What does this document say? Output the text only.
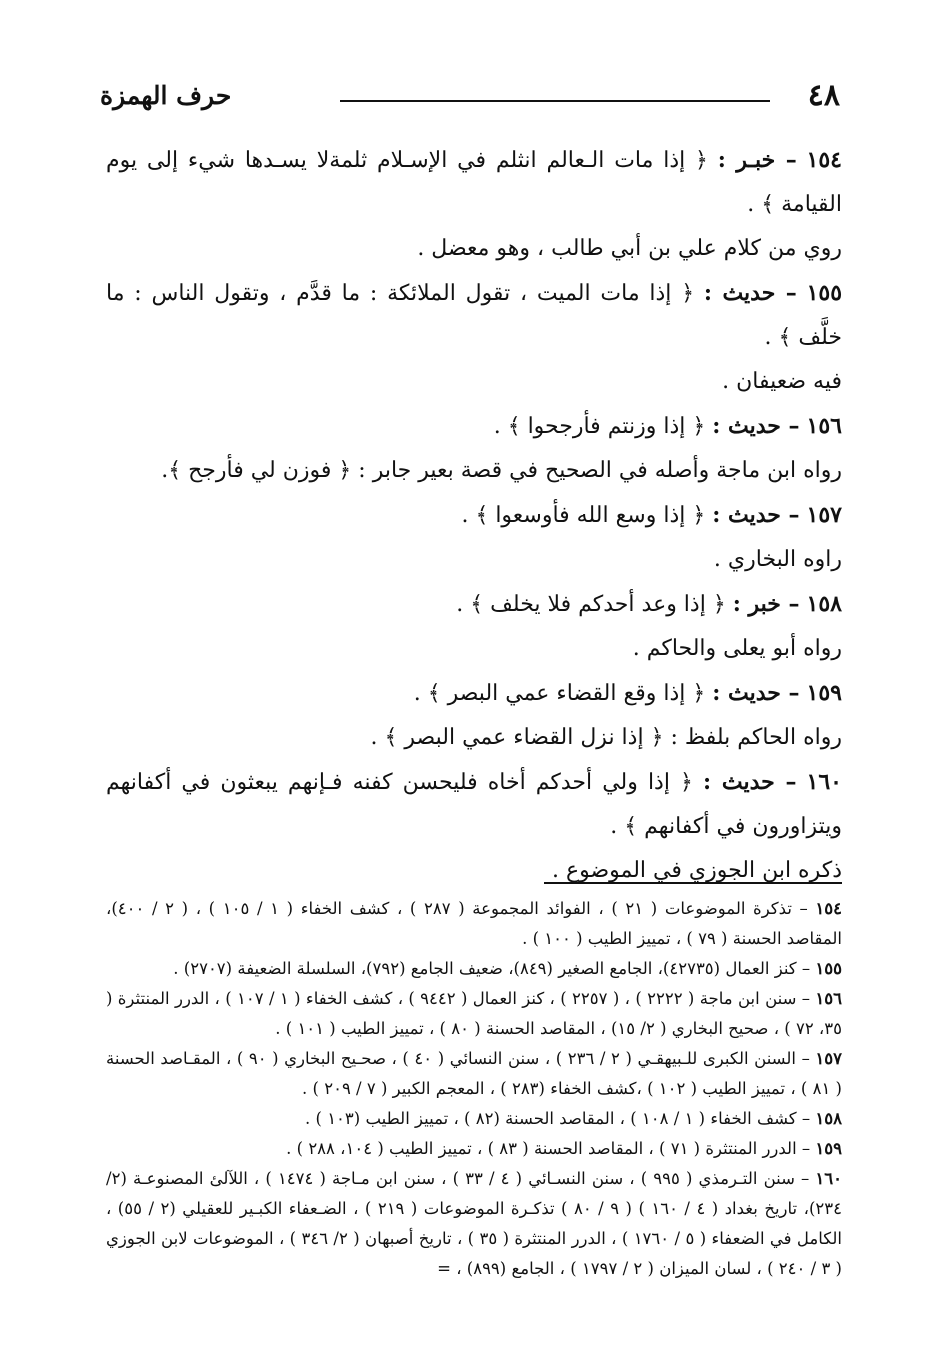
٤٨
حرف الهمزة

١٥٤ – خبـر : ﴿ إذا مات الـعالم انثلم في الإسـلام ثلمةلا يسـدها شيء إلى يوم القيامة ﴾ .

روي من كلام علي بن أبي طالب ، وهو معضل .

١٥٥ – حديث : ﴿ إذا مات الميت ، تقول الملائكة : ما قدَّم ، وتقول الناس : ما خلَّف ﴾ .

فيه ضعيفان .

١٥٦ – حديث : ﴿ إذا وزنتم فأرجحوا ﴾ .

رواه ابن ماجة وأصله في الصحيح في قصة بعير جابر : ﴿ فوزن لي فأرجح ﴾.

١٥٧ – حديث : ﴿ إذا وسع الله فأوسعوا ﴾ .

راوه البخاري .

١٥٨ – خبر : ﴿ إذا وعد أحدكم فلا يخلف ﴾ .

رواه أبو يعلى والحاكم .

١٥٩ – حديث : ﴿ إذا وقع القضاء عمي البصر ﴾ .

رواه الحاكم بلفظ : ﴿ إذا نزل القضاء عمي البصر ﴾ .

١٦٠ – حديث : ﴿ إذا ولي أحدكم أخاه فليحسن كفنه فـإنهم يبعثون في أكفانهم ويتزاورون في أكفانهم ﴾ .

ذكره ابن الجوزي في الموضوع .

١٥٤ – تذكرة الموضوعات ( ٢١ ) ، الفوائد المجموعة ( ٢٨٧ ) ، كشف الخفاء ( ١ / ١٠٥ ) ، ( ٢ / ٤٠٠)، المقاصد الحسنة ( ٧٩ ) ، تمييز الطيب ( ١٠٠ ) .

١٥٥ – كنز العمال (٤٢٧٣٥)، الجامع الصغير (٨٤٩)، ضعيف الجامع (٧٩٢)، السلسلة الضعيفة (٢٧٠٧) .

١٥٦ – سنن ابن ماجة ( ٢٢٢٢ ) ، ( ٢٢٥٧ ) ، كنز العمال ( ٩٤٤٢ ) ، كشف الخفاء ( ١ / ١٠٧ ) ، الدرر المنتثرة ( ٣٥، ٧٢ ) ، صحيح البخاري ( ٢/ ١٥) ، المقاصد الحسنة ( ٨٠ ) ، تمييز الطيب ( ١٠١ ) .

١٥٧ – السنن الكبرى للـبيهقـي ( ٢ / ٢٣٦ ) ، سنن النسائي ( ٤٠ ) ، صحـيح البخاري ( ٩٠ ) ، المقـاصد الحسنة ( ٨١ ) ، تمييز الطيب ( ١٠٢ ) ،كشف الخفاء (٢٨٣ ) ، المعجم الكبير ( ٧ / ٢٠٩ ) .

١٥٨ – كشف الخفاء ( ١ / ١٠٨ ) ، المقاصد الحسنة (٨٢ ) ، تمييز الطيب (١٠٣ ) .

١٥٩ – الدرر المنتثرة ( ٧١ ) ، المقاصد الحسنة ( ٨٣ ) ، تمييز الطيب ( ١٠٤، ٢٨٨ ) .

١٦٠ – سنن التـرمذي ( ٩٩٥ ) ، سنن النسـائي ( ٤ / ٣٣ ) ، سنن ابن مـاجة ( ١٤٧٤ ) ، اللآلئ المصنوعـة (٢/ ٢٣٤)، تاريخ بغداد ( ٤ / ١٦٠ ) ( ٩ / ٨٠ ) تذكـرة الموضوعات ( ٢١٩ ) ، الضـعفاء الكبـير للعقيلي (٢ / ٥٥) ، الكامل في الضعفاء ( ٥ / ١٧٦٠ ) ، الدرر المنتثرة ( ٣٥ ) ، تاريخ أصبهان ( ٢/ ٣٤٦ ) ، الموضوعات لابن الجوزي ( ٣ / ٢٤٠ ) ، لسان الميزان ( ٢ / ١٧٩٧ ) ، الجامع (٨٩٩) ، =
